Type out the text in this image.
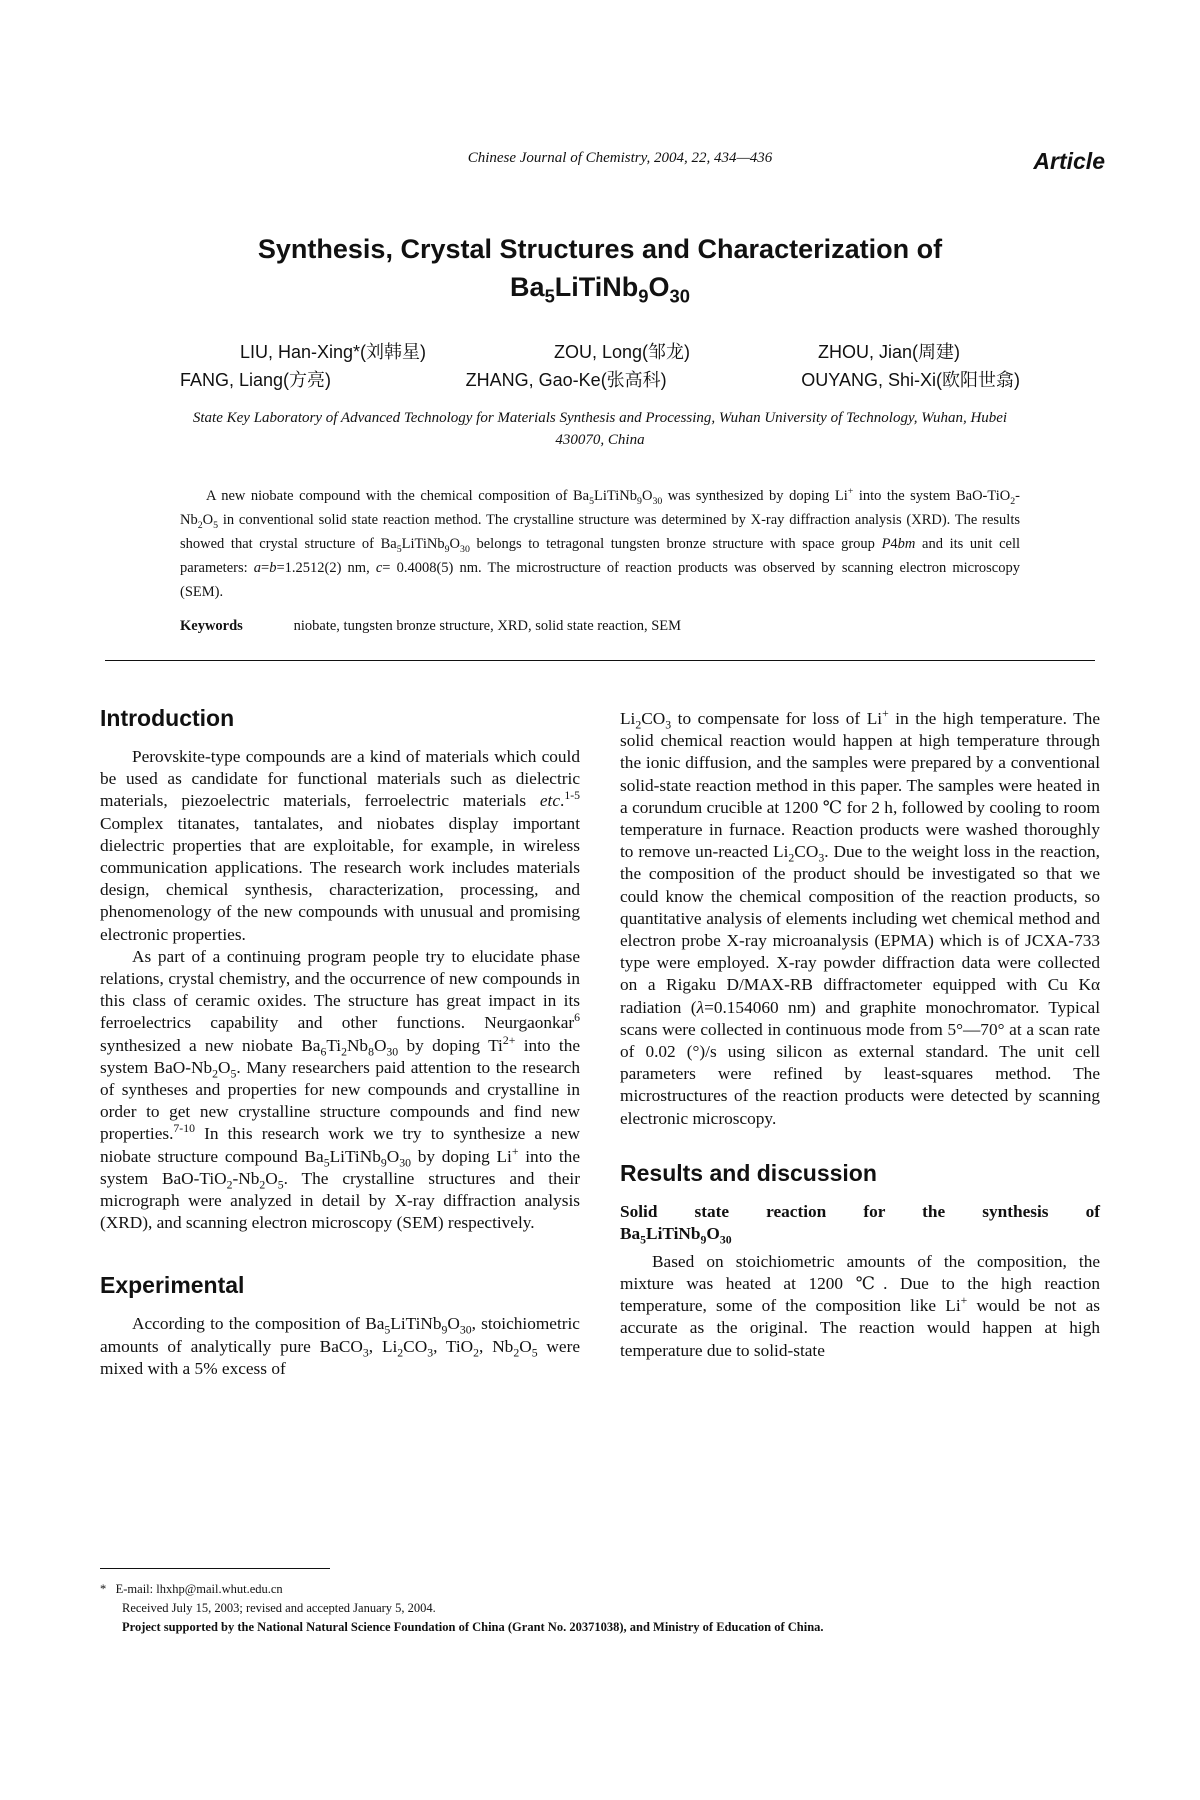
Chinese Journal of Chemistry, 2004, 22, 434—436	Article
Synthesis, Crystal Structures and Characterization of
$Ba_5LiTiNb_9O_{30}$
LIU, Han-Xing*(刘韩星)	ZOU, Long(邹龙)	ZHOU, Jian(周建)
FANG, Liang(方亮)	ZHANG, Gao-Ke(张高科)	OUYANG, Shi-Xi(欧阳世翕)
State Key Laboratory of Advanced Technology for Materials Synthesis and Processing, Wuhan University of Technology, Wuhan, Hubei 430070, China

A new niobate compound with the chemical composition of $Ba_5LiTiNb_9O_{30}$ was synthesized by doping Li+ into the system BaO-$TiO_2-Nb_2O_5$ in conventional solid state reaction method. The crystalline structure was determined by X-ray diffraction analysis (XRD). The results showed that crystal structure of $Ba_5LiTiNb_9O_{30}$ belongs to tetragonal tungsten bronze structure with space group P4bm and its unit cell parameters: a=b=1.2512(2) nm, c= 0.4008(5) nm. The microstructure of reaction products was observed by scanning electron microscopy (SEM).

Keywords	niobate, tungsten bronze structure, XRD, solid state reaction, SEM
Introduction

Perovskite-type compounds are a kind of materials which could be used as candidate for functional materials such as dielectric materials, piezoelectric materials, ferroelectric materials etc.$^{1-5}$ Complex titanates, tantalates, and niobates display important dielectric properties that are exploitable, for example, in wireless communication applications. The research work includes materials design, chemical synthesis, characterization, processing, and phenomenology of the new compounds with unusual and promising electronic properties.

As part of a continuing program people try to elucidate phase relations, crystal chemistry, and the occurrence of new compounds in this class of ceramic oxides. The structure has great impact in its ferroelectrics capability and other functions. Neurgaonkar$^6$ synthesized a new niobate $Ba_6Ti_2Nb_8O_{30}$ by doping $Ti^{2+}$ into the system BaO-$Nb_2O_5$. Many researchers paid attention to the research of syntheses and properties for new compounds and crystalline in order to get new crystalline structure compounds and find new properties.$^{7-10}$ In this research work we try to synthesize a new niobate structure compound $Ba_5LiTiNb_9O_{30}$ by doping Li+ into the system BaO-$TiO_2-Nb_2O_5$. The crystalline structures and their micrograph were analyzed in detail by X-ray diffraction analysis (XRD), and scanning electron microscopy (SEM) respectively.

Experimental

According to the composition of $Ba_5LiTiNb_9O_{30}$, stoichiometric amounts of analytically pure BaCO$_3$, $Li_2CO_3$, TiO$_2$, $Nb_2O_5$ were mixed with a 5% excess of

$Li_2CO_3$ to compensate for loss of Li+ in the high temperature. The solid chemical reaction would happen at high temperature through the ionic diffusion, and the samples were prepared by a conventional solid-state reaction method in this paper. The samples were heated in a corundum crucible at 1200 ℃ for 2 h, followed by cooling to room temperature in furnace. Reaction products were washed thoroughly to remove un-reacted $Li_2CO_3$. Due to the weight loss in the reaction, the composition of the product should be investigated so that we could know the chemical composition of the reaction products, so quantitative analysis of elements including wet chemical method and electron probe X-ray microanalysis (EPMA) which is of JCXA-733 type were employed. X-ray powder diffraction data were collected on a Rigaku D/MAX-RB diffractometer equipped with Cu Kα radiation (λ=0.154060 nm) and graphite monochromator. Typical scans were collected in continuous mode from 5°—70° at a scan rate of 0.02 (°)/s using silicon as external standard. The unit cell parameters were refined by least-squares method. The microstructures of the reaction products were detected by scanning electronic microscopy.

Results and discussion
Solid state reaction for the synthesis of
$Ba_5LiTiNb_9O_{30}$

Based on stoichiometric amounts of the composition, the mixture was heated at 1200 ℃. Due to the high reaction temperature, some of the composition like Li+ would be not as accurate as the original. The reaction would happen at high temperature due to solid-state

*   E-mail: lhxhp@mail.whut.edu.cn
Received July 15, 2003; revised and accepted January 5, 2004.
Project supported by the National Natural Science Foundation of China (Grant No. 20371038), and Ministry of Education of China.
